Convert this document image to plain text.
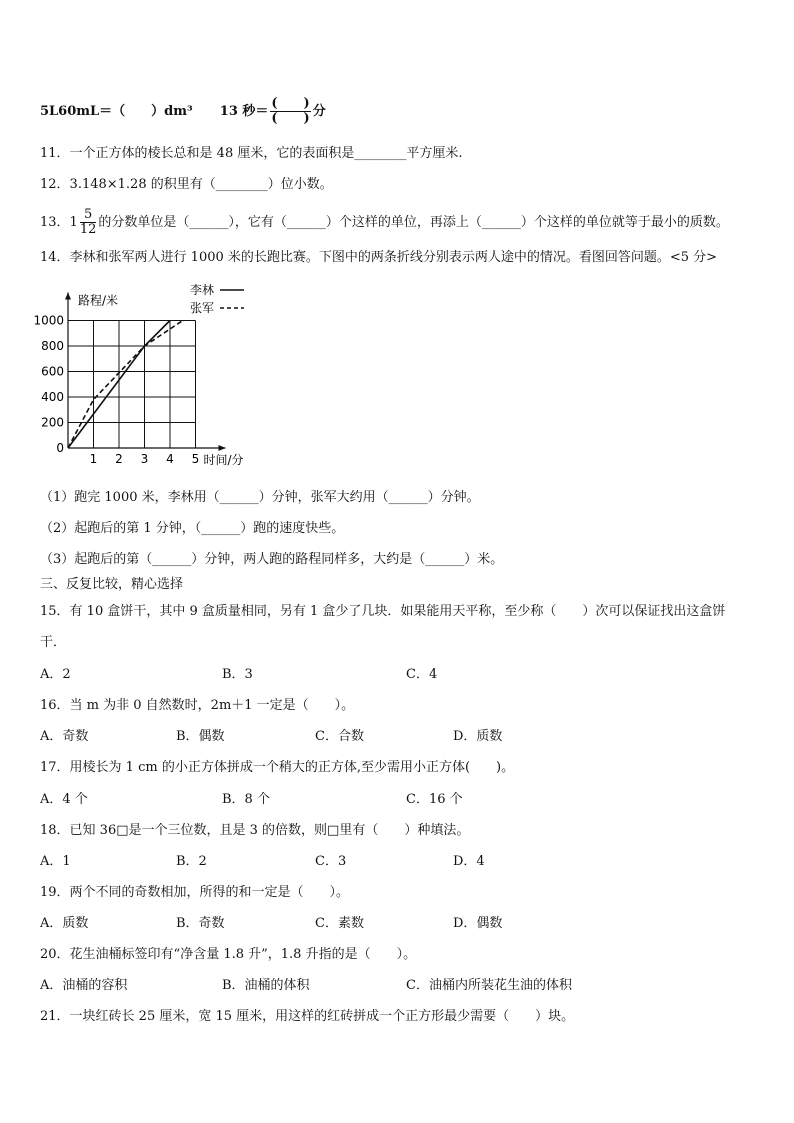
5L60mL＝（　　）dm³ 13 秒＝ $\frac{( )}{( )}$ 分
11．一个正方体的棱长总和是 48 厘米，它的表面积是________平方厘米.
12．3.148×1.28 的积里有（________）位小数。
13．$1 \frac{5}{12}$ 的分数单位是（______），它有（______）个这样的单位，再添上（______）个这样的单位就等于最小的质数。
14．李林和张军两人进行 1000 米的长跑比赛。下图中的两条折线分别表示两人途中的情况。看图回答问题。<5 分>
路程/米
时间/分
1 2 3 4 5
0
200
400
600
800
1000
李林
张军
（1）跑完 1000 米，李林用（______）分钟，张军大约用（______）分钟。
（2）起跑后的第 1 分钟，（______）跑的速度快些。
（3）起跑后的第（______）分钟，两人跑的路程同样多，大约是（______）米。
三、反复比较，精心选择
15．有 10 盒饼干，其中 9 盒质量相同，另有 1 盒少了几块．如果能用天平称，至少称（　　）次可以保证找出这盒饼
干．
A．2	B．3	C．4
16．当 m 为非 0 自然数时，2m＋1 一定是（　　）。
A．奇数	B．偶数	C．合数	D．质数
17．用棱长为 1 cm 的小正方体拼成一个稍大的正方体,至少需用小正方体(　　)。
A．4 个	B．8 个	C．16 个
18．已知 36□是一个三位数，且是 3 的倍数，则□里有（　　）种填法。
A．1	B．2	C．3	D．4
19．两个不同的奇数相加，所得的和一定是（　　）。
A．质数	B．奇数	C．素数	D．偶数
20．花生油桶标签印有“净含量 1.8 升”，1.8 升指的是（　　）。
A．油桶的容积	B．油桶的体积	C．油桶内所装花生油的体积
21．一块红砖长 25 厘米，宽 15 厘米，用这样的红砖拼成一个正方形最少需要（　　）块。
